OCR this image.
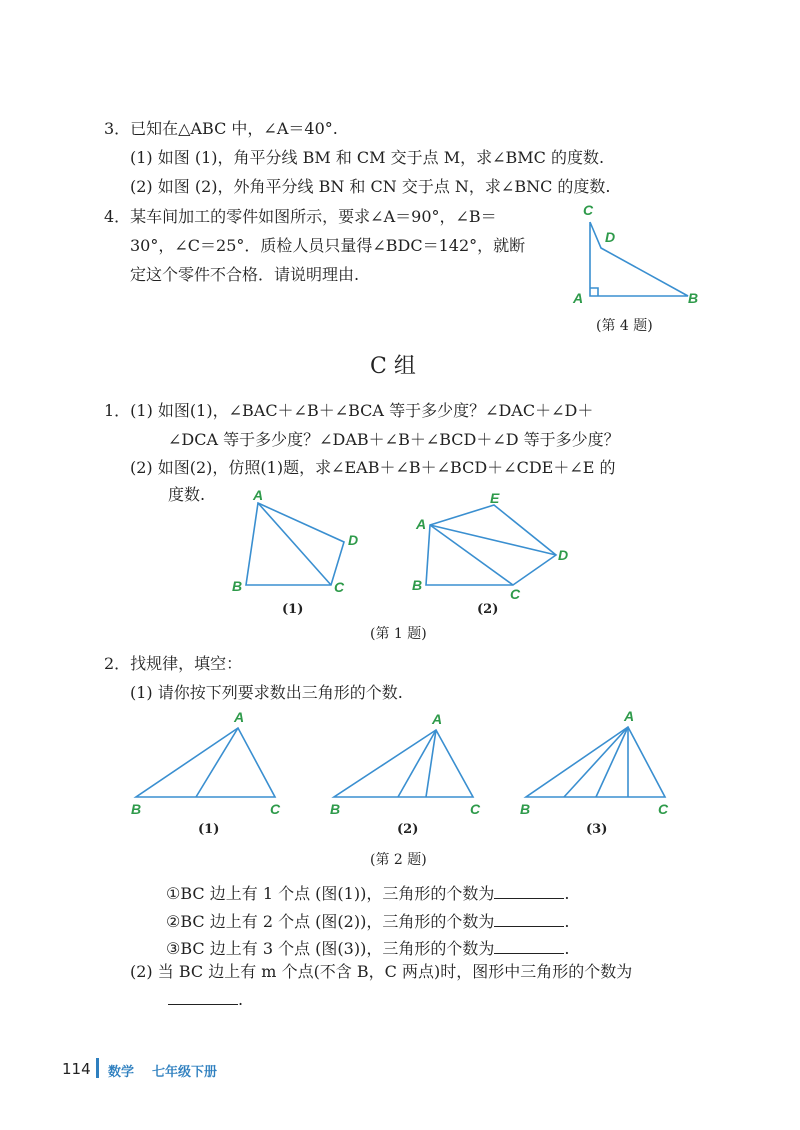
3．已知在△ABC 中，∠A＝40°.
(1) 如图 (1)，角平分线 BM 和 CM 交于点 M，求∠BMC 的度数.
(2) 如图 (2)，外角平分线 BN 和 CN 交于点 N，求∠BNC 的度数.
4．某车间加工的零件如图所示，要求∠A＝90°，∠B＝
30°，∠C＝25°．质检人员只量得∠BDC＝142°，就断
定这个零件不合格．请说明理由.
C
D
A	B
(第 4 题)
C 组
1．(1) 如图(1)，∠BAC＋∠B＋∠BCA 等于多少度？∠DAC＋∠D＋
∠DCA 等于多少度？∠DAB＋∠B＋∠BCD＋∠D 等于多少度？
(2) 如图(2)，仿照(1)题，求∠EAB＋∠B＋∠BCD＋∠CDE＋∠E 的
度数.	A
D
B	C
(1)
E
A
D
B
C
(2)
(第 1 题)
2．找规律，填空：
(1) 请你按下列要求数出三角形的个数.
A
B	C
(1)
A
B	C
(2)
A
B	C
(3)
(第 2 题)
①BC 边上有 1 个点 (图(1))，三角形的个数为	.
②BC 边上有 2 个点 (图(2))，三角形的个数为	.
③BC 边上有 3 个点 (图(3))，三角形的个数为	.
(2) 当 BC 边上有 m 个点(不含 B，C 两点)时，图形中三角形的个数为
.
114 数学 七年级下册
